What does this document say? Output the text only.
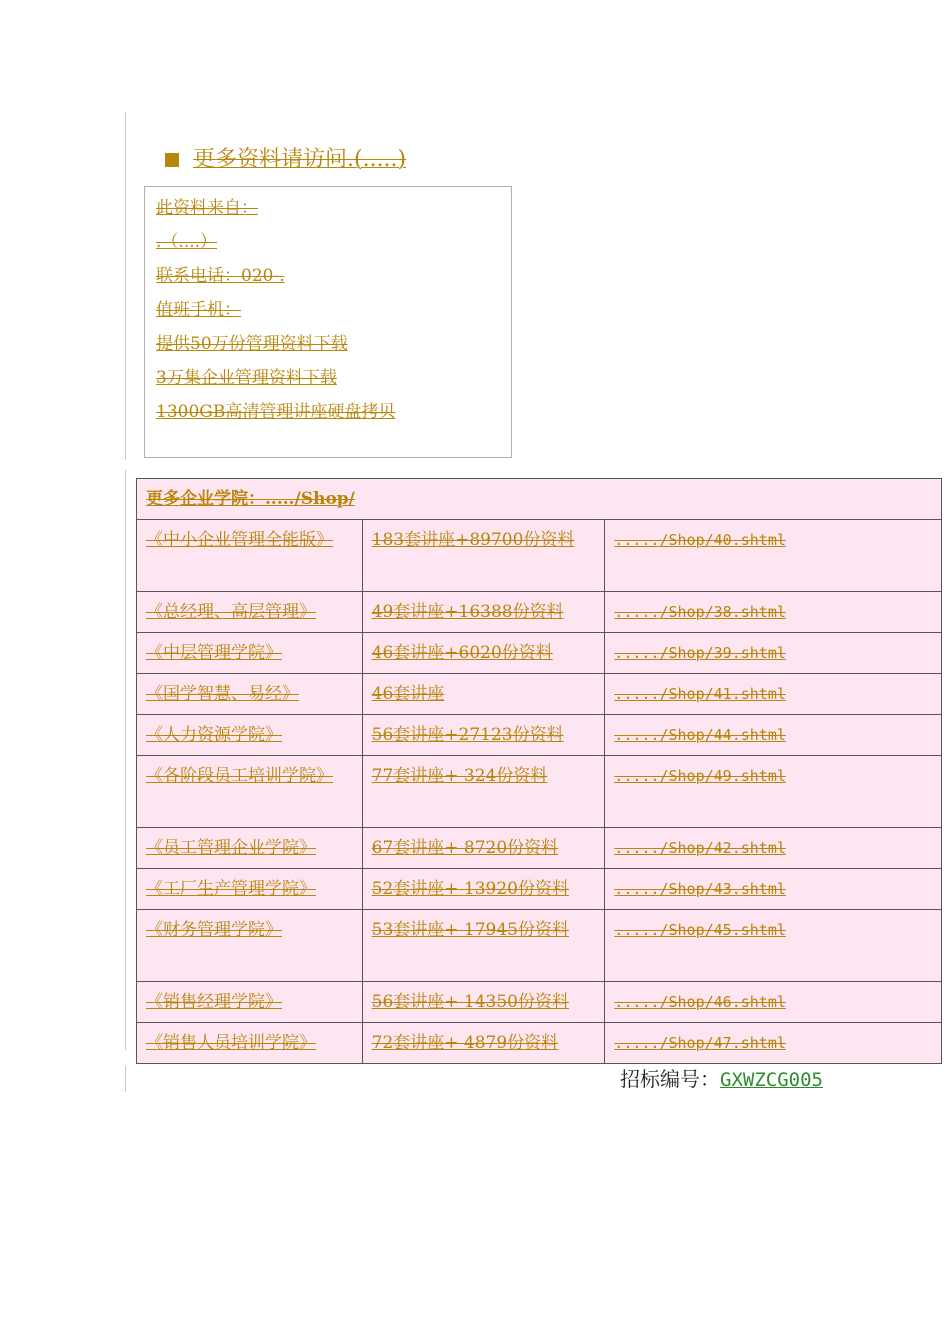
更多资料请访问.(.....)
此资料来自：
.（....）
联系电话：020-.
值班手机：
提供50万份管理资料下载
3万集企业管理资料下载
1300GB高清管理讲座硬盘拷贝
更多企业学院：...../Shop/		
《中小企业管理全能版》	183套讲座+89700份资料	...../Shop/40.shtml
《总经理、高层管理》	49套讲座+16388份资料	...../Shop/38.shtml
《中层管理学院》	46套讲座+6020份资料	...../Shop/39.shtml
《国学智慧、易经》	46套讲座	...../Shop/41.shtml
《人力资源学院》	56套讲座+27123份资料	...../Shop/44.shtml
《各阶段员工培训学院》	77套讲座+ 324份资料	...../Shop/49.shtml
《员工管理企业学院》	67套讲座+ 8720份资料	...../Shop/42.shtml
《工厂生产管理学院》	52套讲座+ 13920份资料	...../Shop/43.shtml
《财务管理学院》	53套讲座+ 17945份资料	...../Shop/45.shtml
《销售经理学院》	56套讲座+ 14350份资料	...../Shop/46.shtml
《销售人员培训学院》	72套讲座+ 4879份资料	...../Shop/47.shtml
招标编号：GXWZCG005
